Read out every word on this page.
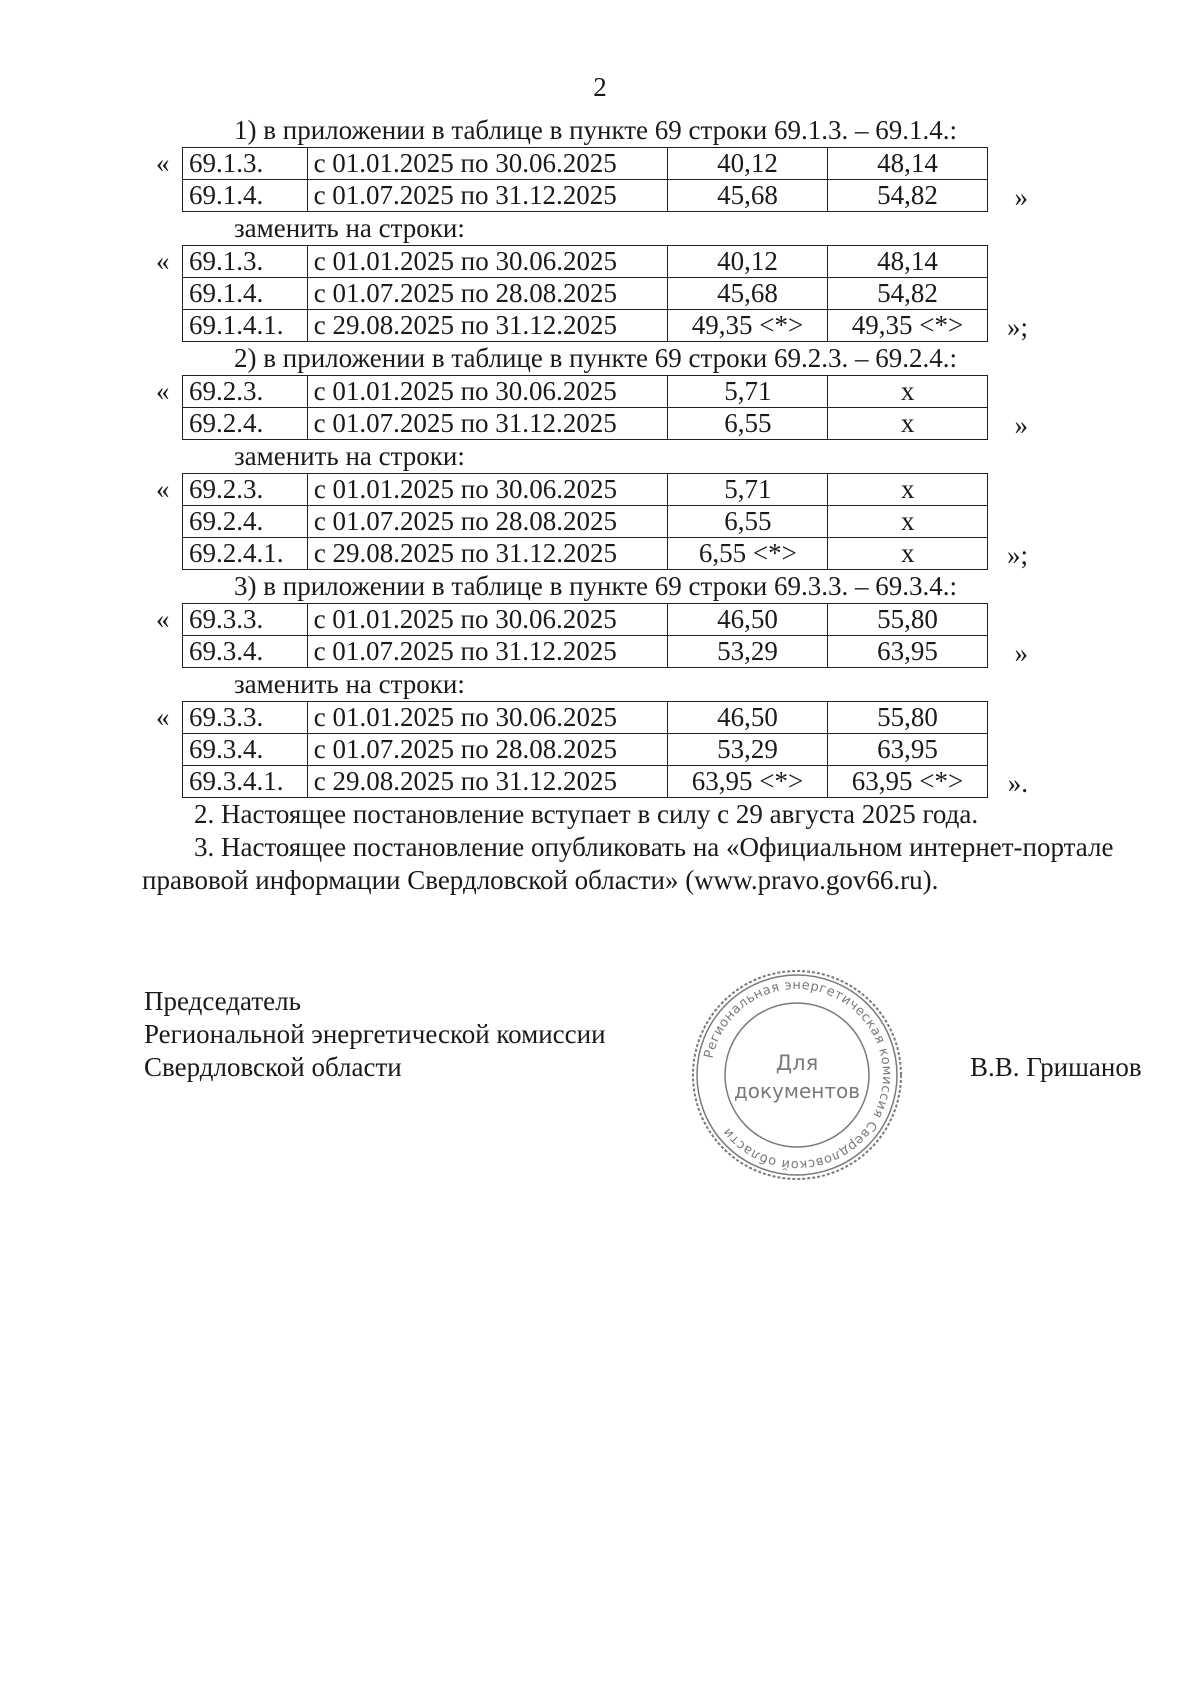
2
1) в приложении в таблице в пункте 69 строки 69.1.3. – 69.1.4.:
« 69.1.3.	с 01.01.2025 по 30.06.2025	40,12	48,14
69.1.4.	с 01.07.2025 по 31.12.2025	45,68	54,82	»
заменить на строки:
« 69.1.3.	с 01.01.2025 по 30.06.2025	40,12	48,14
69.1.4.	с 01.07.2025 по 28.08.2025	45,68	54,82
69.1.4.1.	с 29.08.2025 по 31.12.2025	49,35 <*>	49,35 <*> »;
2) в приложении в таблице в пункте 69 строки 69.2.3. – 69.2.4.:
« 69.2.3.	с 01.01.2025 по 30.06.2025	5,71	х
69.2.4.	с 01.07.2025 по 31.12.2025	6,55	х	»
заменить на строки:
« 69.2.3.	с 01.01.2025 по 30.06.2025	5,71	х
69.2.4.	с 01.07.2025 по 28.08.2025	6,55	х
69.2.4.1.	с 29.08.2025 по 31.12.2025	6,55 <*>	х	»;
3) в приложении в таблице в пункте 69 строки 69.3.3. – 69.3.4.:
« 69.3.3.	с 01.01.2025 по 30.06.2025	46,50	55,80
69.3.4.	с 01.07.2025 по 31.12.2025	53,29	63,95	»
заменить на строки:
« 69.3.3.	с 01.01.2025 по 30.06.2025	46,50	55,80
69.3.4.	с 01.07.2025 по 28.08.2025	53,29	63,95
69.3.4.1.	с 29.08.2025 по 31.12.2025	63,95 <*>	63,95 <*> ».
2. Настоящее постановление вступает в силу с 29 августа 2025 года.
3. Настоящее постановление опубликовать на «Официальном интернет-портале правовой информации Свердловской области» (www.pravo.gov66.ru).
Председатель
Региональной энергетической комиссии
Свердловской области	Региональная энергетическая комиссия Свердловской области
Для
документов
В.В. Гришанов
